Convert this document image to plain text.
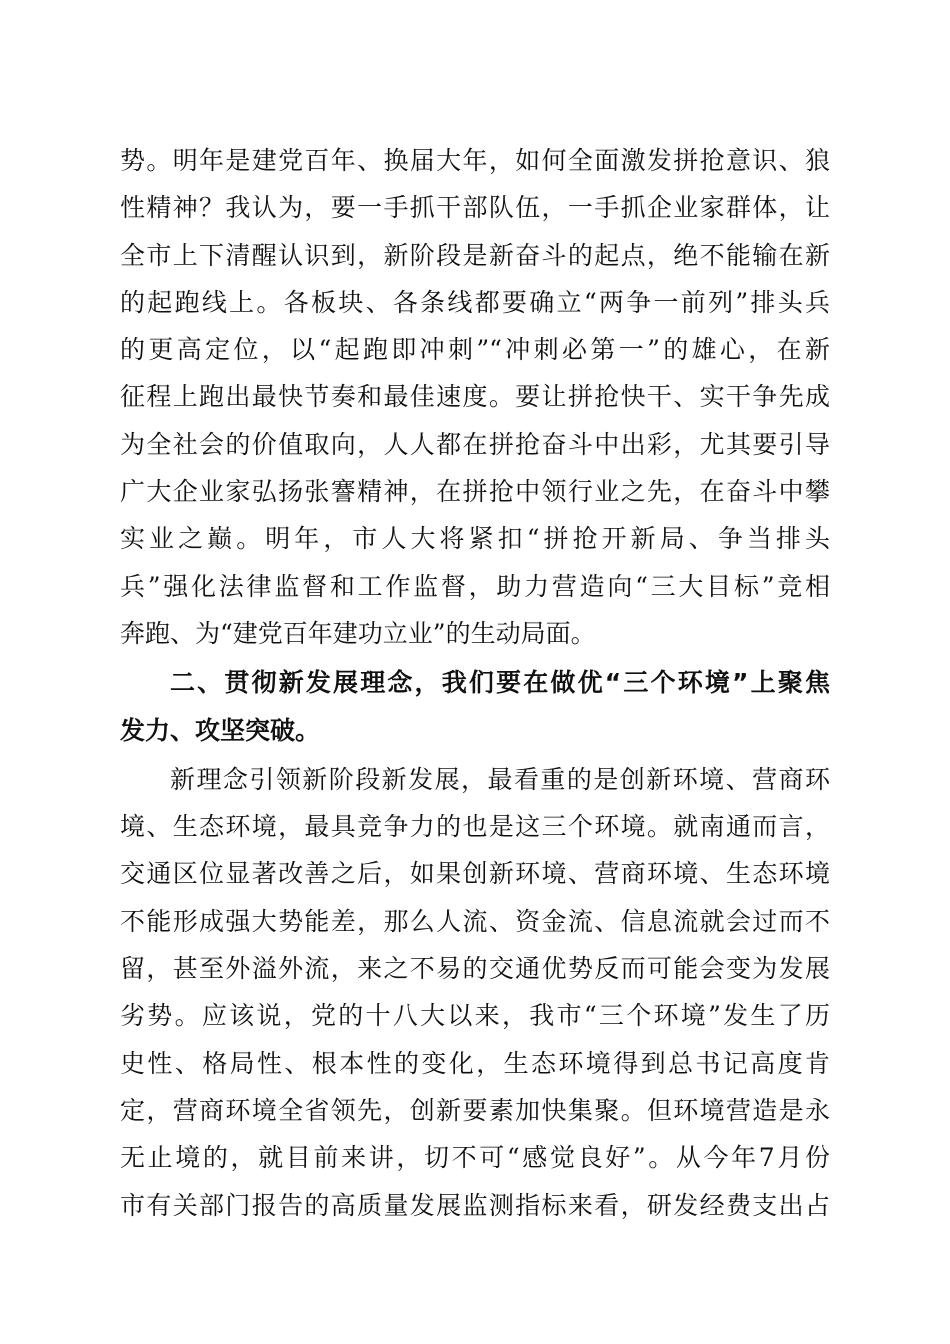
势。明年是建党百年、换届大年，如何全面激发拼抢意识、狼
性精神？我认为，要一手抓干部队伍，一手抓企业家群体，让
全市上下清醒认识到，新阶段是新奋斗的起点，绝不能输在新
的起跑线上。各板块、各条线都要确立“两争一前列”排头兵
的更高定位，以“起跑即冲刺”“冲刺必第一”的雄心，在新
征程上跑出最快节奏和最佳速度。要让拼抢快干、实干争先成
为全社会的价值取向，人人都在拼抢奋斗中出彩，尤其要引导
广大企业家弘扬张謇精神，在拼抢中领行业之先，在奋斗中攀
实业之巅。明年，市人大将紧扣“拼抢开新局、争当排头
兵”强化法律监督和工作监督，助力营造向“三大目标”竞相
奔跑、为“建党百年建功立业”的生动局面。
二、贯彻新发展理念，我们要在做优“三个环境”上聚焦
发力、攻坚突破。
新理念引领新阶段新发展，最看重的是创新环境、营商环
境、生态环境，最具竞争力的也是这三个环境。就南通而言，
交通区位显著改善之后，如果创新环境、营商环境、生态环境
不能形成强大势能差，那么人流、资金流、信息流就会过而不
留，甚至外溢外流，来之不易的交通优势反而可能会变为发展
劣势。应该说，党的十八大以来，我市“三个环境”发生了历
史性、格局性、根本性的变化，生态环境得到总书记高度肯
定，营商环境全省领先，创新要素加快集聚。但环境营造是永
无止境的，就目前来讲，切不可“感觉良好”。从今年7月份
市有关部门报告的高质量发展监测指标来看，研发经费支出占
